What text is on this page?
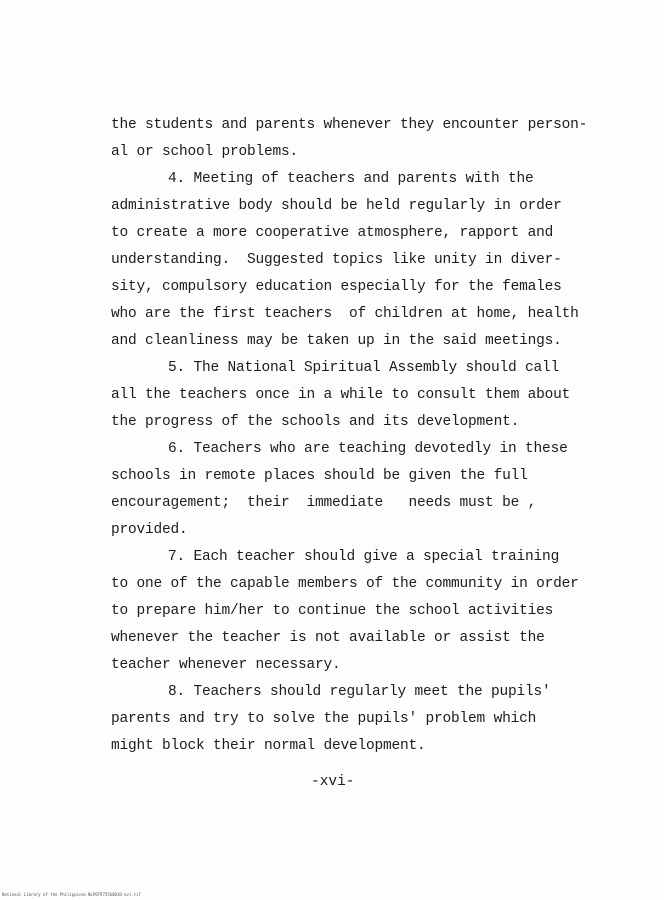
the students and parents whenever they encounter person-
al or school problems.
4. Meeting of teachers and parents with the
administrative body should be held regularly in order
to create a more cooperative atmosphere, rapport and
understanding.  Suggested topics like unity in diver-
sity, compulsory education especially for the females
who are the first teachers  of children at home, health
and cleanliness may be taken up in the said meetings.
5. The National Spiritual Assembly should call
all the teachers once in a while to consult them about
the progress of the schools and its development.
6. Teachers who are teaching devotedly in these
schools in remote places should be given the full
encouragement;  their  immediate   needs must be ,
provided.
7. Each teacher should give a special training
to one of the capable members of the community in order
to prepare him/her to continue the school activities
whenever the teacher is not available or assist the
teacher whenever necessary.
8. Teachers should regularly meet the pupils'
parents and try to solve the pupils' problem which
might block their normal development.
-xvi-
National Library of the Philippines NLP0TR75560010-xvi.tif
